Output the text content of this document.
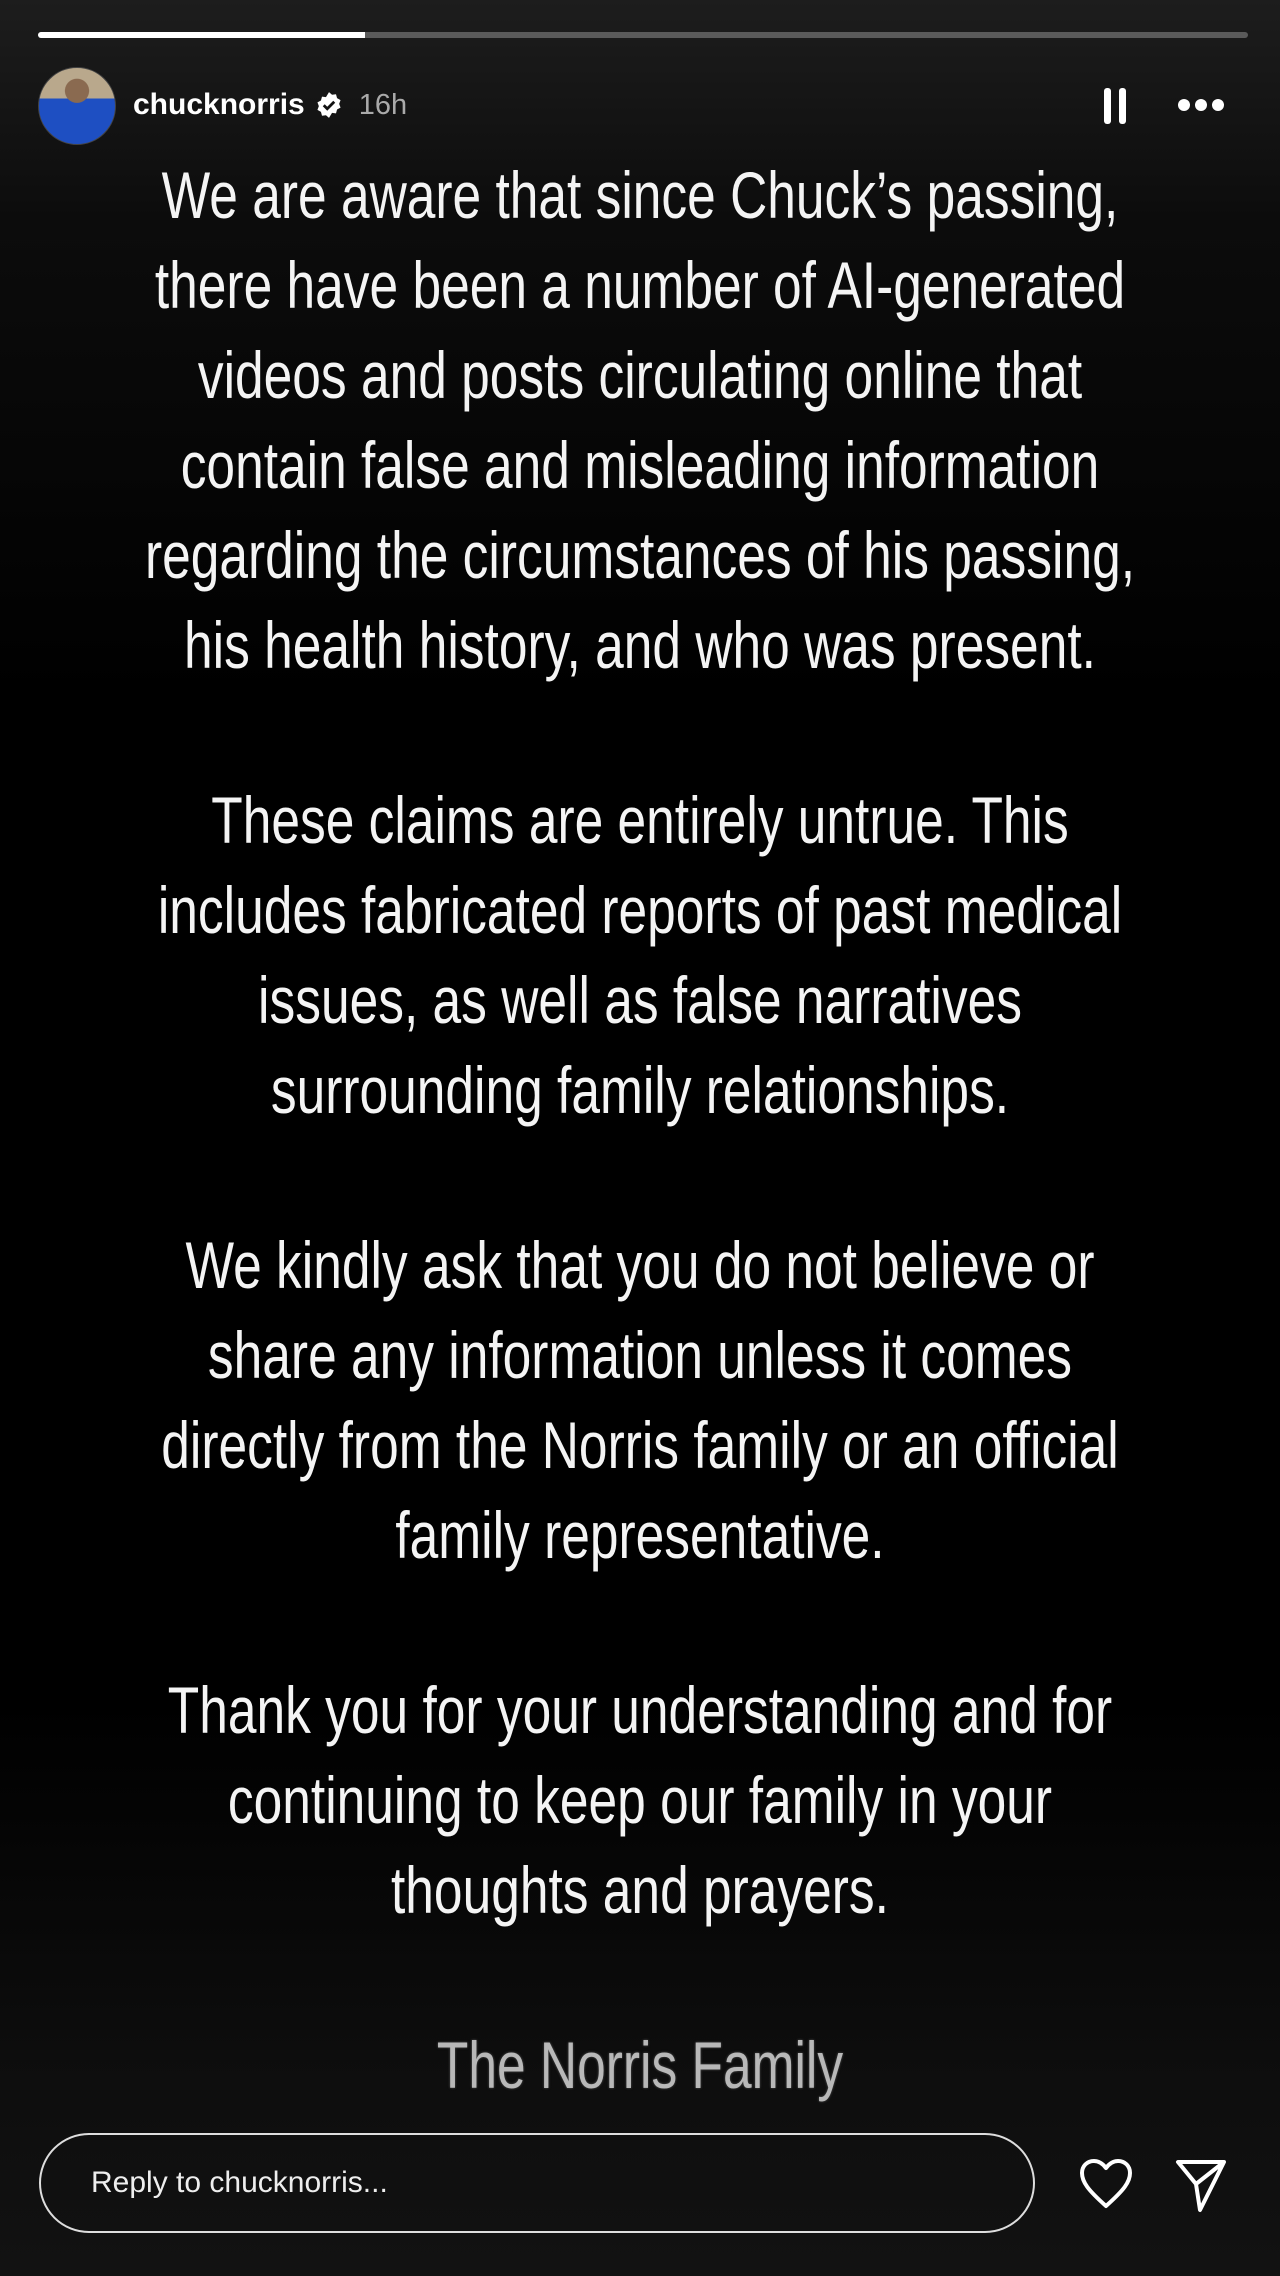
chucknorris 16h
We are aware that since Chuck’s passing,
there have been a number of AI-generated
videos and posts circulating online that
contain false and misleading information
regarding the circumstances of his passing,
his health history, and who was present.
These claims are entirely untrue. This
includes fabricated reports of past medical
issues, as well as false narratives
surrounding family relationships.
We kindly ask that you do not believe or
share any information unless it comes
directly from the Norris family or an official
family representative.
Thank you for your understanding and for
continuing to keep our family in your
thoughts and prayers.
The Norris Family
Reply to chucknorris...
